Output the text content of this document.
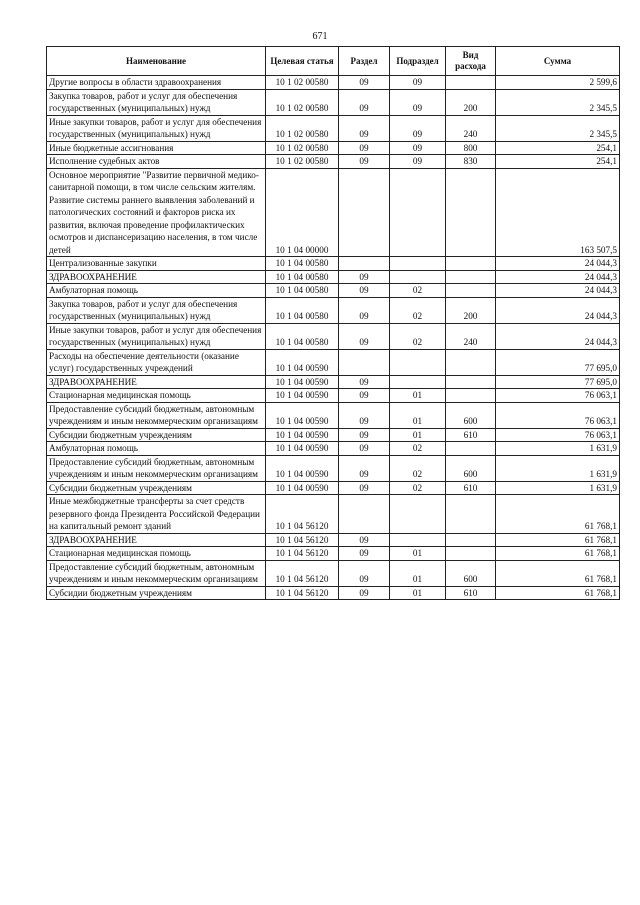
671
Наименование	Целевая статья	Раздел	Подраздел	Вид расхода	Сумма
Другие вопросы в области здравоохранения	10 1 02 00580	09	09		2 599,6
Закупка товаров, работ и услуг для обеспечения государственных (муниципальных) нужд	10 1 02 00580	09	09	200	2 345,5
Иные закупки товаров, работ и услуг для обеспечения государственных (муниципальных) нужд	10 1 02 00580	09	09	240	2 345,5
Иные бюджетные ассигнования	10 1 02 00580	09	09	800	254,1
Исполнение судебных актов	10 1 02 00580	09	09	830	254,1
Основное мероприятие "Развитие первичной медико-санитарной помощи, в том числе сельским жителям. Развитие системы раннего выявления заболеваний и патологических состояний и факторов риска их развития, включая проведение профилактических осмотров и диспансеризацию населения, в том числе детей	10 1 04 00000				163 507,5
Централизованные закупки	10 1 04 00580				24 044,3
ЗДРАВООХРАНЕНИЕ	10 1 04 00580	09			24 044,3
Амбулаторная помощь	10 1 04 00580	09	02		24 044,3
Закупка товаров, работ и услуг для обеспечения государственных (муниципальных) нужд	10 1 04 00580	09	02	200	24 044,3
Иные закупки товаров, работ и услуг для обеспечения государственных (муниципальных) нужд	10 1 04 00580	09	02	240	24 044,3
Расходы на обеспечение деятельности (оказание услуг) государственных учреждений	10 1 04 00590				77 695,0
ЗДРАВООХРАНЕНИЕ	10 1 04 00590	09			77 695,0
Стационарная медицинская помощь	10 1 04 00590	09	01		76 063,1
Предоставление субсидий бюджетным, автономным учреждениям и иным некоммерческим организациям	10 1 04 00590	09	01	600	76 063,1
Субсидии бюджетным учреждениям	10 1 04 00590	09	01	610	76 063,1
Амбулаторная помощь	10 1 04 00590	09	02		1 631,9
Предоставление субсидий бюджетным, автономным учреждениям и иным некоммерческим организациям	10 1 04 00590	09	02	600	1 631,9
Субсидии бюджетным учреждениям	10 1 04 00590	09	02	610	1 631,9
Иные межбюджетные трансферты за счет средств резервного фонда Президента Российской Федерации на капитальный ремонт зданий	10 1 04 56120				61 768,1
ЗДРАВООХРАНЕНИЕ	10 1 04 56120	09			61 768,1
Стационарная медицинская помощь	10 1 04 56120	09	01		61 768,1
Предоставление субсидий бюджетным, автономным учреждениям и иным некоммерческим организациям	10 1 04 56120	09	01	600	61 768,1
Субсидии бюджетным учреждениям	10 1 04 56120	09	01	610	61 768,1
